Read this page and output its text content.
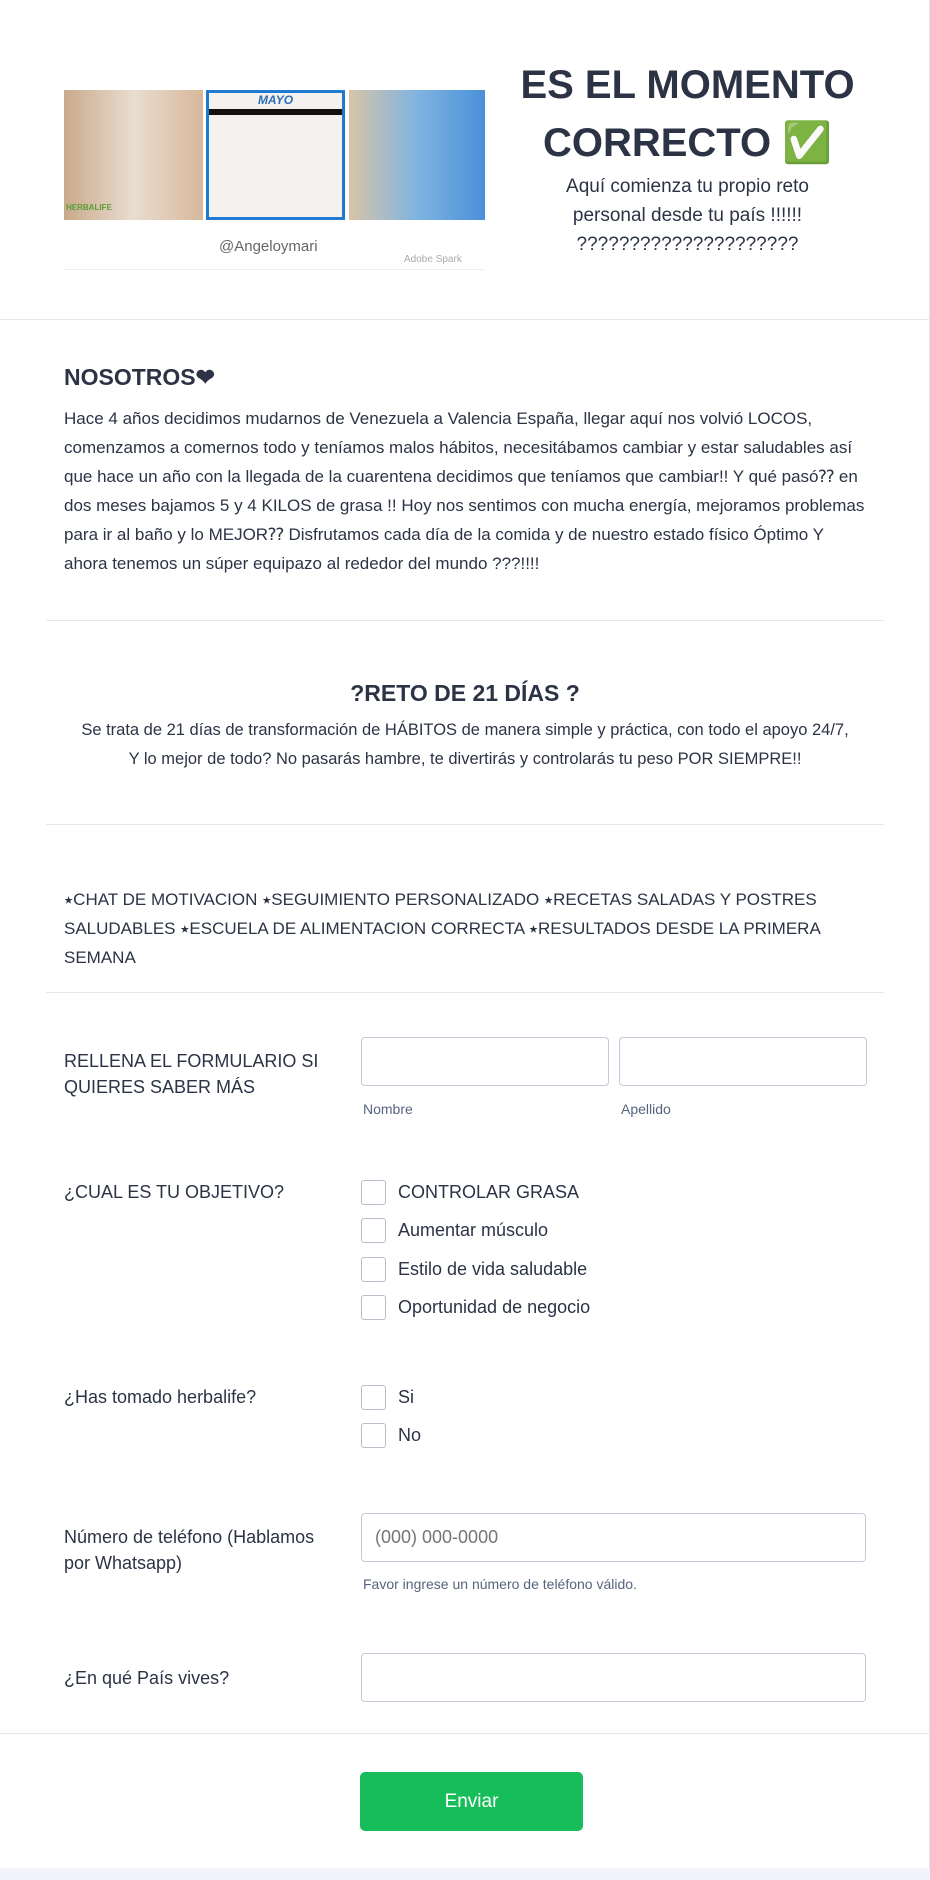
MAYO
HERBALIFE
@Angeloymari
Adobe Spark
ES EL MOMENTO
CORRECTO ✅
Aquí comienza tu propio reto
personal desde tu país !!!!!!
?????????????????????
NOSOTROS❤
Hace 4 años decidimos mudarnos de Venezuela a Valencia España, llegar aquí nos volvió LOCOS, comenzamos a comernos todo y teníamos malos hábitos, necesitábamos cambiar y estar saludables así que hace un año con la llegada de la cuarentena decidimos que teníamos que cambiar!! Y qué pasó⁇ en dos meses bajamos 5 y 4 KILOS de grasa !! Hoy nos sentimos con mucha energía, mejoramos problemas para ir al baño y lo MEJOR⁇ Disfrutamos cada día de la comida y de nuestro estado físico Óptimo Y ahora tenemos un súper equipazo al rededor del mundo ???!!!!
?RETO DE 21 DÍAS ?
Se trata de 21 días de transformación de HÁBITOS de manera simple y práctica, con todo el apoyo 24/7, Y lo mejor de todo? No pasarás hambre, te divertirás y controlarás tu peso POR SIEMPRE!!
⭑CHAT DE MOTIVACION ⭑SEGUIMIENTO PERSONALIZADO ⭑RECETAS SALADAS Y POSTRES SALUDABLES ⭑ESCUELA DE ALIMENTACION CORRECTA ⭑RESULTADOS DESDE LA PRIMERA SEMANA
RELLENA EL FORMULARIO SI QUIERES SABER MÁS
Nombre	Apellido
¿CUAL ES TU OBJETIVO?	CONTROLAR GRASA
Aumentar músculo
Estilo de vida saludable
Oportunidad de negocio
¿Has tomado herbalife?	Si
No
Número de teléfono (Hablamos por Whatsapp)
(000) 000-0000
Favor ingrese un número de teléfono válido.
¿En qué País vives?
Enviar
